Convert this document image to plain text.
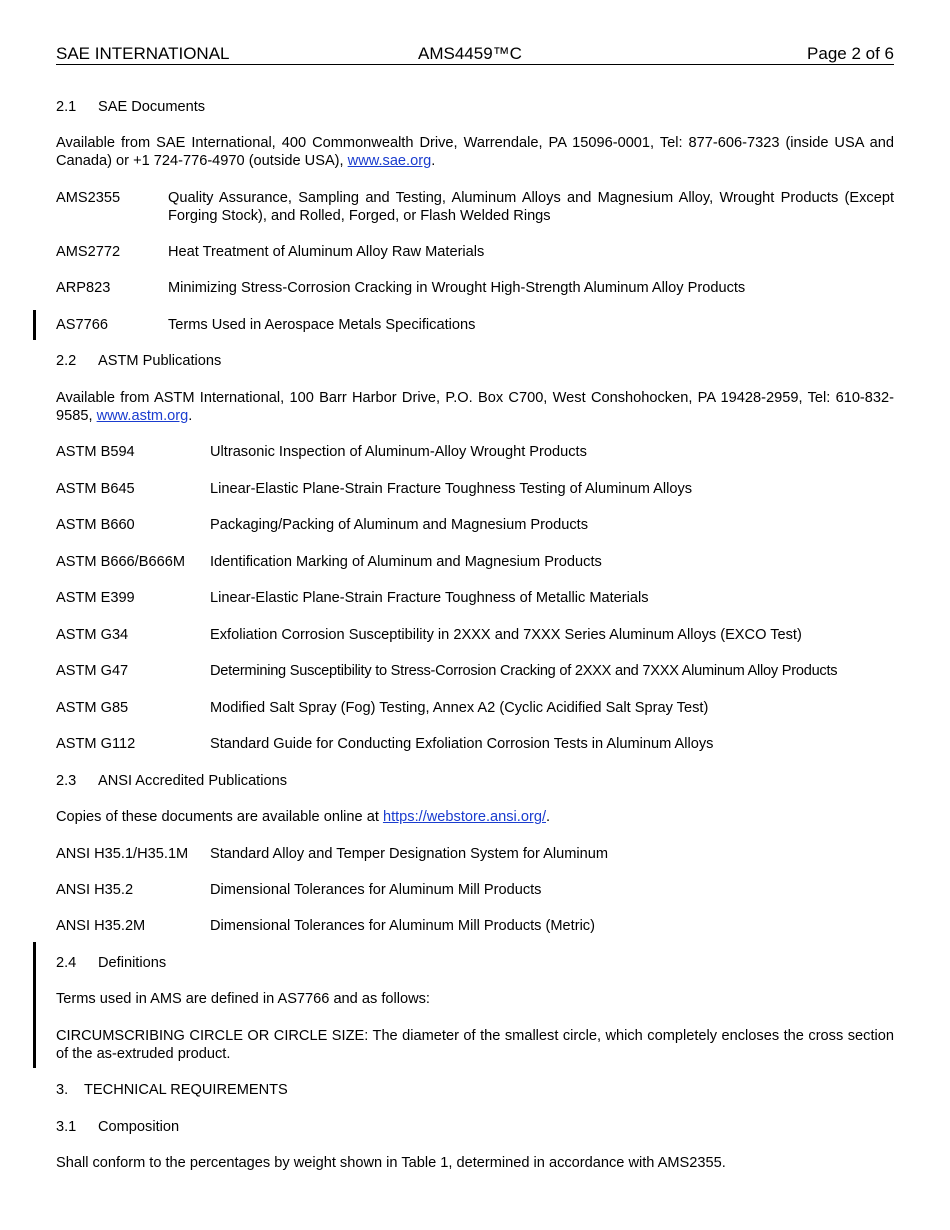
SAE INTERNATIONAL	AMS4459™C	Page 2 of 6
2.1 SAE Documents
Available from SAE International, 400 Commonwealth Drive, Warrendale, PA 15096-0001, Tel: 877-606-7323 (inside USA and Canada) or +1 724-776-4970 (outside USA), www.sae.org.
AMS2355	Quality Assurance, Sampling and Testing, Aluminum Alloys and Magnesium Alloy, Wrought Products (Except Forging Stock), and Rolled, Forged, or Flash Welded Rings
AMS2772	Heat Treatment of Aluminum Alloy Raw Materials
ARP823	Minimizing Stress-Corrosion Cracking in Wrought High-Strength Aluminum Alloy Products
AS7766	Terms Used in Aerospace Metals Specifications
2.2 ASTM Publications
Available from ASTM International, 100 Barr Harbor Drive, P.O. Box C700, West Conshohocken, PA 19428-2959, Tel: 610-832-9585, www.astm.org.
ASTM B594	Ultrasonic Inspection of Aluminum-Alloy Wrought Products
ASTM B645	Linear-Elastic Plane-Strain Fracture Toughness Testing of Aluminum Alloys
ASTM B660	Packaging/Packing of Aluminum and Magnesium Products
ASTM B666/B666M Identification Marking of Aluminum and Magnesium Products
ASTM E399	Linear-Elastic Plane-Strain Fracture Toughness of Metallic Materials
ASTM G34	Exfoliation Corrosion Susceptibility in 2XXX and 7XXX Series Aluminum Alloys (EXCO Test)
ASTM G47	Determining Susceptibility to Stress-Corrosion Cracking of 2XXX and 7XXX Aluminum Alloy Products
ASTM G85	Modified Salt Spray (Fog) Testing, Annex A2 (Cyclic Acidified Salt Spray Test)
ASTM G112	Standard Guide for Conducting Exfoliation Corrosion Tests in Aluminum Alloys
2.3 ANSI Accredited Publications
Copies of these documents are available online at https://webstore.ansi.org/.
ANSI H35.1/H35.1M Standard Alloy and Temper Designation System for Aluminum
ANSI H35.2	Dimensional Tolerances for Aluminum Mill Products
ANSI H35.2M	Dimensional Tolerances for Aluminum Mill Products (Metric)
2.4 Definitions
Terms used in AMS are defined in AS7766 and as follows:
CIRCUMSCRIBING CIRCLE OR CIRCLE SIZE: The diameter of the smallest circle, which completely encloses the cross section of the as-extruded product.
3. TECHNICAL REQUIREMENTS
3.1 Composition
Shall conform to the percentages by weight shown in Table 1, determined in accordance with AMS2355.
